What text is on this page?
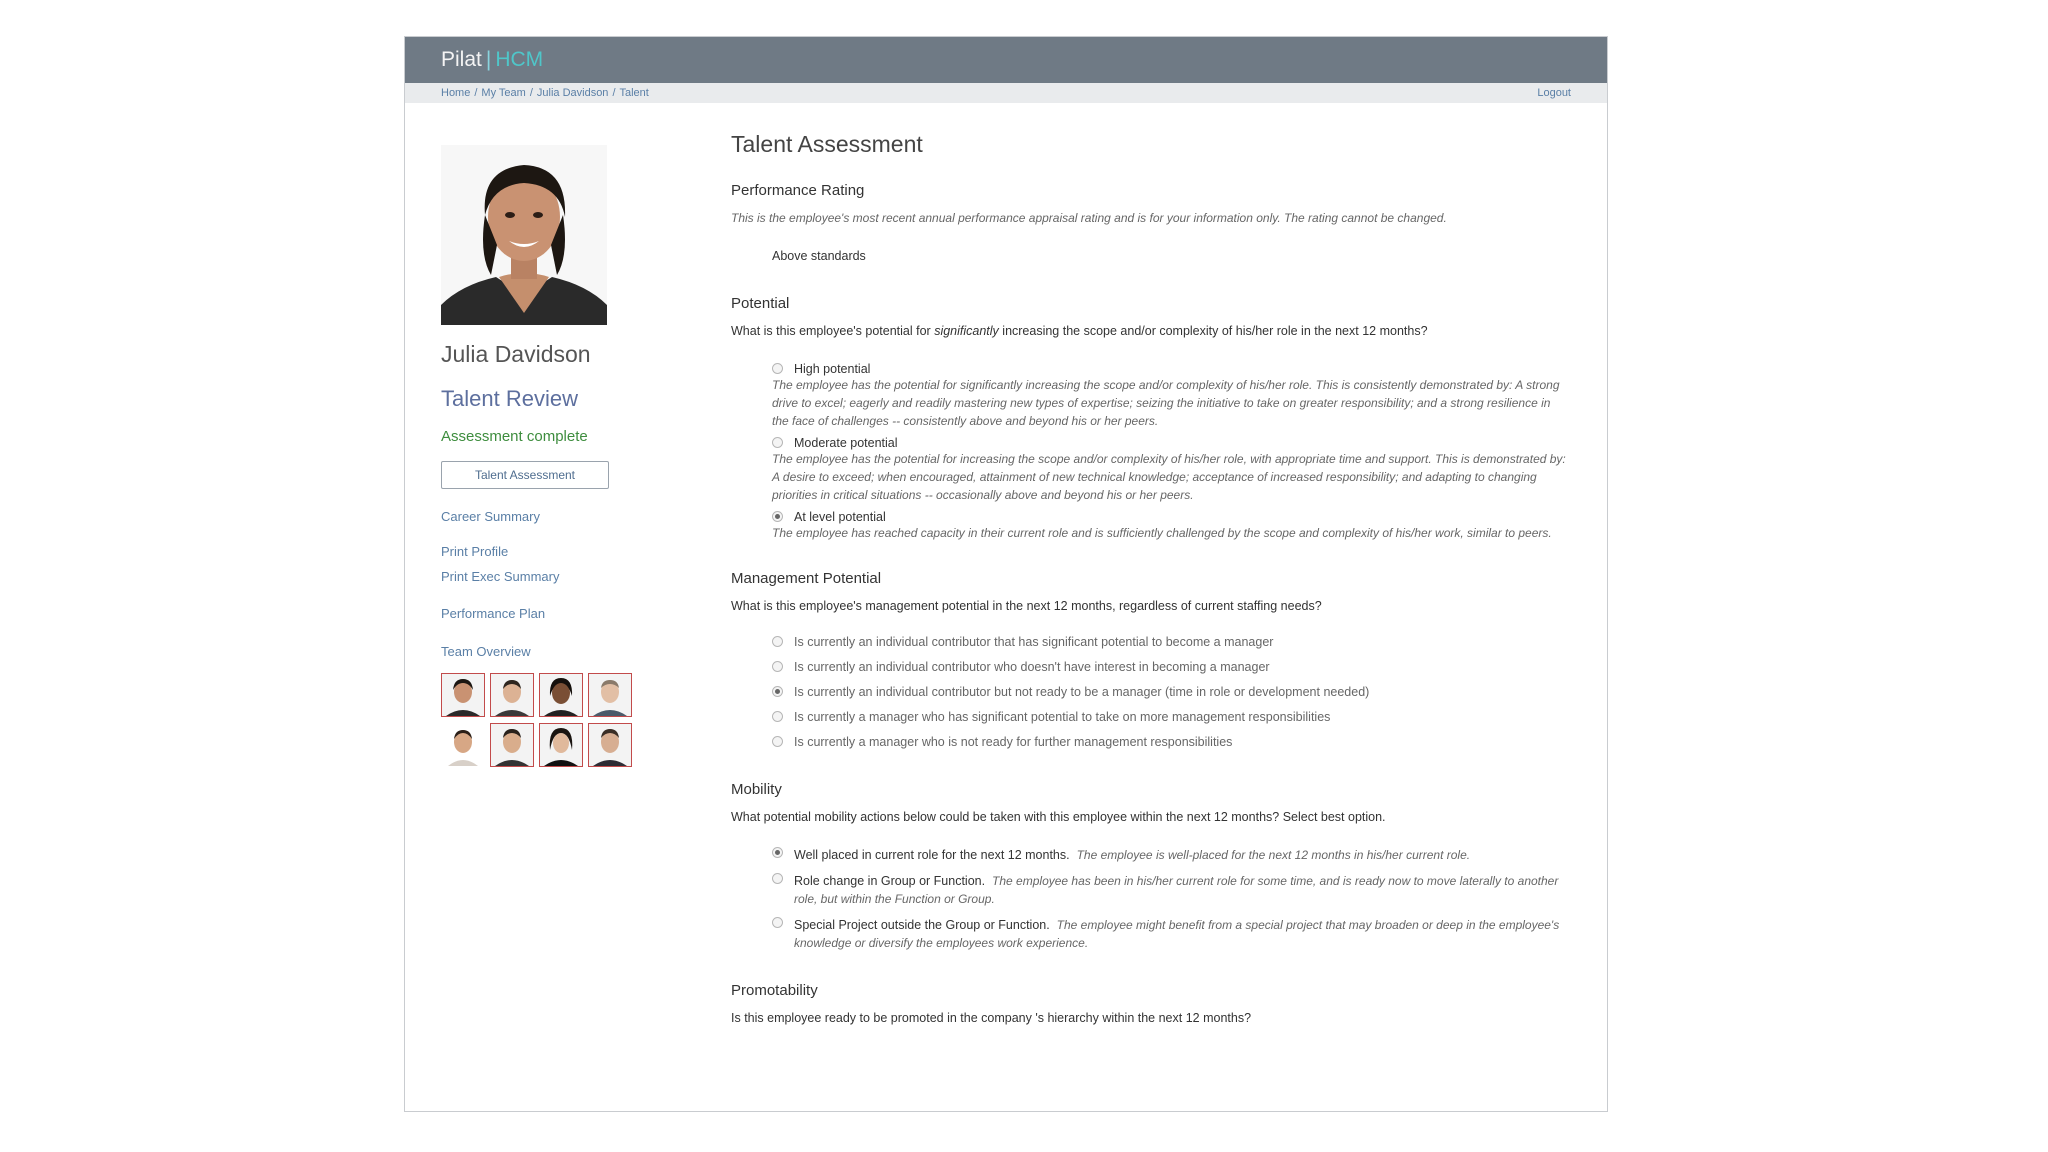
Pilat | HCM
Home / My Team / Julia Davidson / Talent	Logout
Julia Davidson
Talent Review
Assessment complete
Talent Assessment
Career Summary
Print Profile
Print Exec Summary
Performance Plan
Team Overview
Talent Assessment
Performance Rating
This is the employee's most recent annual performance appraisal rating and is for your information only. The rating cannot be changed.
Above standards
Potential
What is this employee's potential for significantly increasing the scope and/or complexity of his/her role in the next 12 months?
High potential
The employee has the potential for significantly increasing the scope and/or complexity of his/her role. This is consistently demonstrated by: A strong drive to excel; eagerly and readily mastering new types of expertise; seizing the initiative to take on greater responsibility; and a strong resilience in the face of challenges -- consistently above and beyond his or her peers.
Moderate potential
The employee has the potential for increasing the scope and/or complexity of his/her role, with appropriate time and support. This is demonstrated by: A desire to exceed; when encouraged, attainment of new technical knowledge; acceptance of increased responsibility; and adapting to changing priorities in critical situations -- occasionally above and beyond his or her peers.
At level potential
The employee has reached capacity in their current role and is sufficiently challenged by the scope and complexity of his/her work, similar to peers.
Management Potential
What is this employee's management potential in the next 12 months, regardless of current staffing needs?
Is currently an individual contributor that has significant potential to become a manager
Is currently an individual contributor who doesn't have interest in becoming a manager
Is currently an individual contributor but not ready to be a manager (time in role or development needed)
Is currently a manager who has significant potential to take on more management responsibilities
Is currently a manager who is not ready for further management responsibilities
Mobility
What potential mobility actions below could be taken with this employee within the next 12 months? Select best option.
Well placed in current role for the next 12 months. The employee is well-placed for the next 12 months in his/her current role.
Role change in Group or Function. The employee has been in his/her current role for some time, and is ready now to move laterally to another role, but within the Function or Group.
Special Project outside the Group or Function. The employee might benefit from a special project that may broaden or deep in the employee's knowledge or diversify the employees work experience.
Promotability
Is this employee ready to be promoted in the company 's hierarchy within the next 12 months?
